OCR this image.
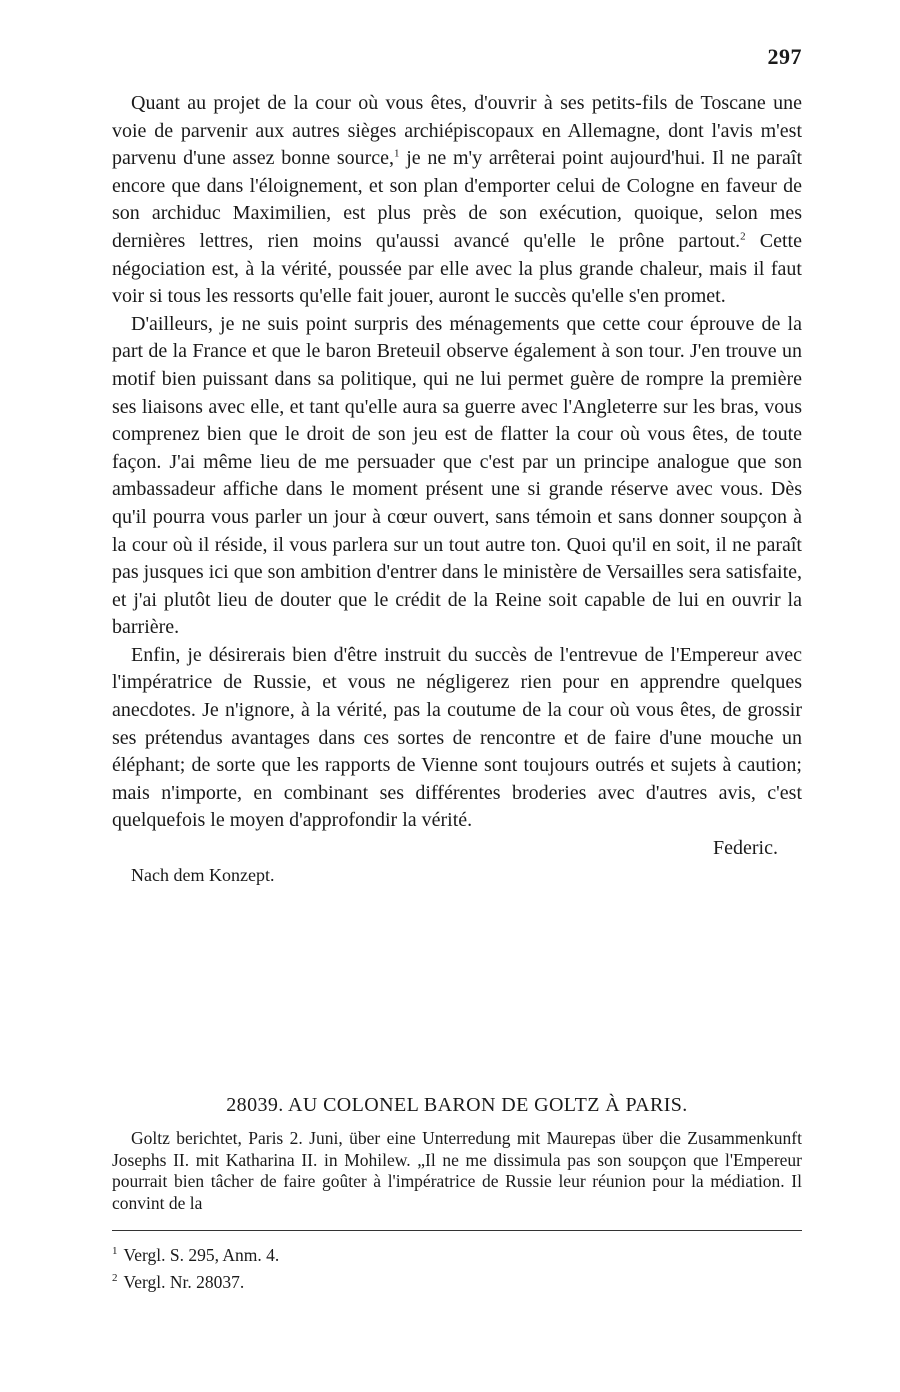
297

Quant au projet de la cour où vous êtes, d'ouvrir à ses petits-fils de Toscane une voie de parvenir aux autres sièges archiépiscopaux en Allemagne, dont l'avis m'est parvenu d'une assez bonne source,$^1$ je ne m'y arrêterai point aujourd'hui. Il ne paraît encore que dans l'éloignement, et son plan d'emporter celui de Cologne en faveur de son archiduc Maximilien, est plus près de son exécution, quoique, selon mes dernières lettres, rien moins qu'aussi avancé qu'elle le prône partout.$^2$ Cette négociation est, à la vérité, poussée par elle avec la plus grande chaleur, mais il faut voir si tous les ressorts qu'elle fait jouer, auront le succès qu'elle s'en promet.

D'ailleurs, je ne suis point surpris des ménagements que cette cour éprouve de la part de la France et que le baron Breteuil observe également à son tour. J'en trouve un motif bien puissant dans sa politique, qui ne lui permet guère de rompre la première ses liaisons avec elle, et tant qu'elle aura sa guerre avec l'Angleterre sur les bras, vous comprenez bien que le droit de son jeu est de flatter la cour où vous êtes, de toute façon. J'ai même lieu de me persuader que c'est par un principe analogue que son ambassadeur affiche dans le moment présent une si grande réserve avec vous. Dès qu'il pourra vous parler un jour à cœur ouvert, sans témoin et sans donner soupçon à la cour où il réside, il vous parlera sur un tout autre ton. Quoi qu'il en soit, il ne paraît pas jusques ici que son ambition d'entrer dans le ministère de Versailles sera satisfaite, et j'ai plutôt lieu de douter que le crédit de la Reine soit capable de lui en ouvrir la barrière.

Enfin, je désirerais bien d'être instruit du succès de l'entrevue de l'Empereur avec l'impératrice de Russie, et vous ne négligerez rien pour en apprendre quelques anecdotes. Je n'ignore, à la vérité, pas la coutume de la cour où vous êtes, de grossir ses prétendus avantages dans ces sortes de rencontre et de faire d'une mouche un éléphant; de sorte que les rapports de Vienne sont toujours outrés et sujets à caution; mais n'importe, en combinant ses différentes broderies avec d'autres avis, c'est quelquefois le moyen d'approfondir la vérité.

Federic.

Nach dem Konzept.

28039. AU COLONEL BARON DE GOLTZ À PARIS.

Goltz berichtet, Paris 2. Juni, über eine Unterredung mit Maurepas über die Zusammenkunft Josephs II. mit Katharina II. in Mohilew. „Il ne me dissimula pas son soupçon que l'Empereur pourrait bien tâcher de faire goûter à l'impératrice de Russie leur réunion pour la médiation. Il convint de la

$^1$ Vergl. S. 295, Anm. 4.
$^2$ Vergl. Nr. 28037.
